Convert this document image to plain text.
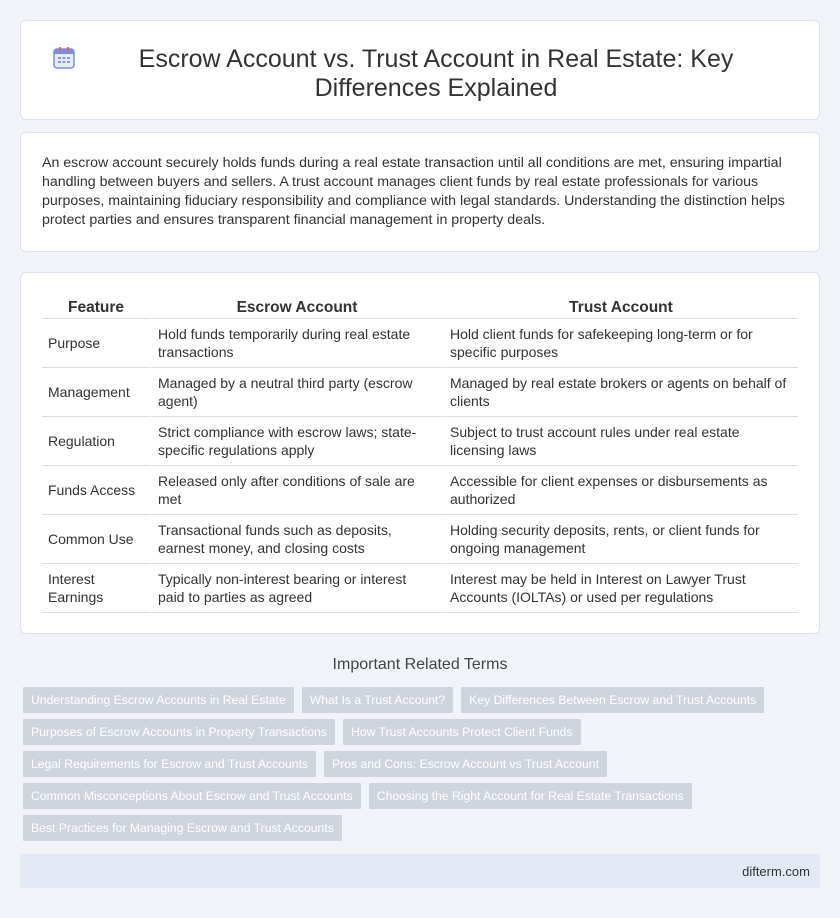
Escrow Account vs. Trust Account in Real Estate: Key Differences Explained

An escrow account securely holds funds during a real estate transaction until all conditions are met, ensuring impartial handling between buyers and sellers. A trust account manages client funds by real estate professionals for various purposes, maintaining fiduciary responsibility and compliance with legal standards. Understanding the distinction helps protect parties and ensures transparent financial management in property deals.

Feature	Escrow Account	Trust Account
Purpose	Hold funds temporarily during real estate transactions	Hold client funds for safekeeping long-term or for specific purposes
Management	Managed by a neutral third party (escrow agent)	Managed by real estate brokers or agents on behalf of clients
Regulation	Strict compliance with escrow laws; state-specific regulations apply	Subject to trust account rules under real estate licensing laws
Funds Access	Released only after conditions of sale are met	Accessible for client expenses or disbursements as authorized
Common Use	Transactional funds such as deposits, earnest money, and closing costs	Holding security deposits, rents, or client funds for ongoing management
Interest Earnings	Typically non-interest bearing or interest paid to parties as agreed	Interest may be held in Interest on Lawyer Trust Accounts (IOLTAs) or used per regulations
Important Related Terms
Understanding Escrow Accounts in Real Estate	What Is a Trust Account?	Key Differences Between Escrow and Trust Accounts
Purposes of Escrow Accounts in Property Transactions	How Trust Accounts Protect Client Funds
Legal Requirements for Escrow and Trust Accounts	Pros and Cons: Escrow Account vs Trust Account
Common Misconceptions About Escrow and Trust Accounts	Choosing the Right Account for Real Estate Transactions
Best Practices for Managing Escrow and Trust Accounts
difterm.com
